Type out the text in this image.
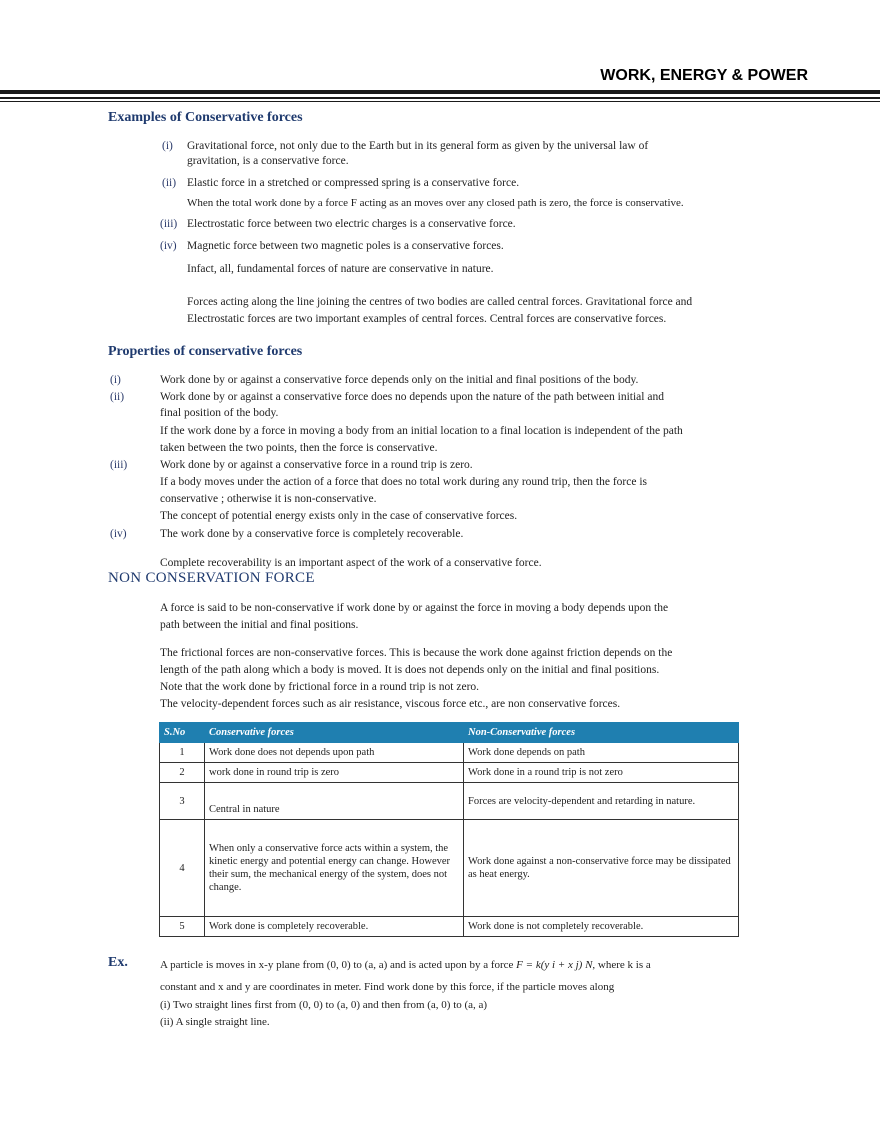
WORK, ENERGY & POWER
Examples of Conservative forces
(i) Gravitational force, not only due to the Earth but in its general form as given by the universal law of
gravitation, is a conservative force.
(ii) Elastic force in a stretched or compressed spring is a conservative force.
When the total work done by a force F acting as an moves over any closed path is zero, the force is conservative.
(iii) Electrostatic force between two electric charges is a conservative force.
(iv) Magnetic force between two magnetic poles is a conservative forces.
Infact, all, fundamental forces of nature are conservative in nature.
Forces acting along the line joining the centres of two bodies are called central forces. Gravitational force and
Electrostatic forces are two important examples of central forces. Central forces are conservative forces.
Properties of conservative forces
(i)	Work done by or against a conservative force depends only on the initial and final positions of the body.
(ii)	Work done by or against a conservative force does no depends upon the nature of the path between initial and
final position of the body.
If the work done by a force in moving a body from an initial location to a final location is independent of the path
taken between the two points, then the force is conservative.
(iii)	Work done by or against a conservative force in a round trip is zero.
If a body moves under the action of a force that does no total work during any round trip, then the force is
conservative ; otherwise it is non-conservative.
The concept of potential energy exists only in the case of conservative forces.
(iv)	The work done by a conservative force is completely recoverable.
Complete recoverability is an important aspect of the work of a conservative force.
NON CONSERVATION FORCE
A force is said to be non-conservative if work done by or against the force in moving a body depends upon the
path between the initial and final positions.
The frictional forces are non-conservative forces. This is because the work done against friction depends on the
length of the path along which a body is moved. It is does not depends only on the initial and final positions.
Note that the work done by frictional force in a round trip is not zero.
The velocity-dependent forces such as air resistance, viscous force etc., are non conservative forces.
S.No	Conservative forces	Non-Conservative forces
1	Work done does not depends upon path	Work done depends on path
2	work done in round trip is zero	Work done in a round trip is not zero
3	Central in nature	Forces are velocity-dependent and retarding in nature.
4	When only a conservative force acts within a system, the kinetic energy and potential energy can change. However their sum, the mechanical energy of the system, does not change.	Work done against a non-conservative force may be dissipated as heat energy.
5	Work done is completely recoverable.	Work done is not completely recoverable.
Ex.	A particle is moves in x-y plane from (0, 0) to (a, a) and is acted upon by a force F = k(y i + x j) N, where k is a
constant and x and y are coordinates in meter. Find work done by this force, if the particle moves along
(i) Two straight lines first from (0, 0) to (a, 0) and then from (a, 0) to (a, a)
(ii) A single straight line.
